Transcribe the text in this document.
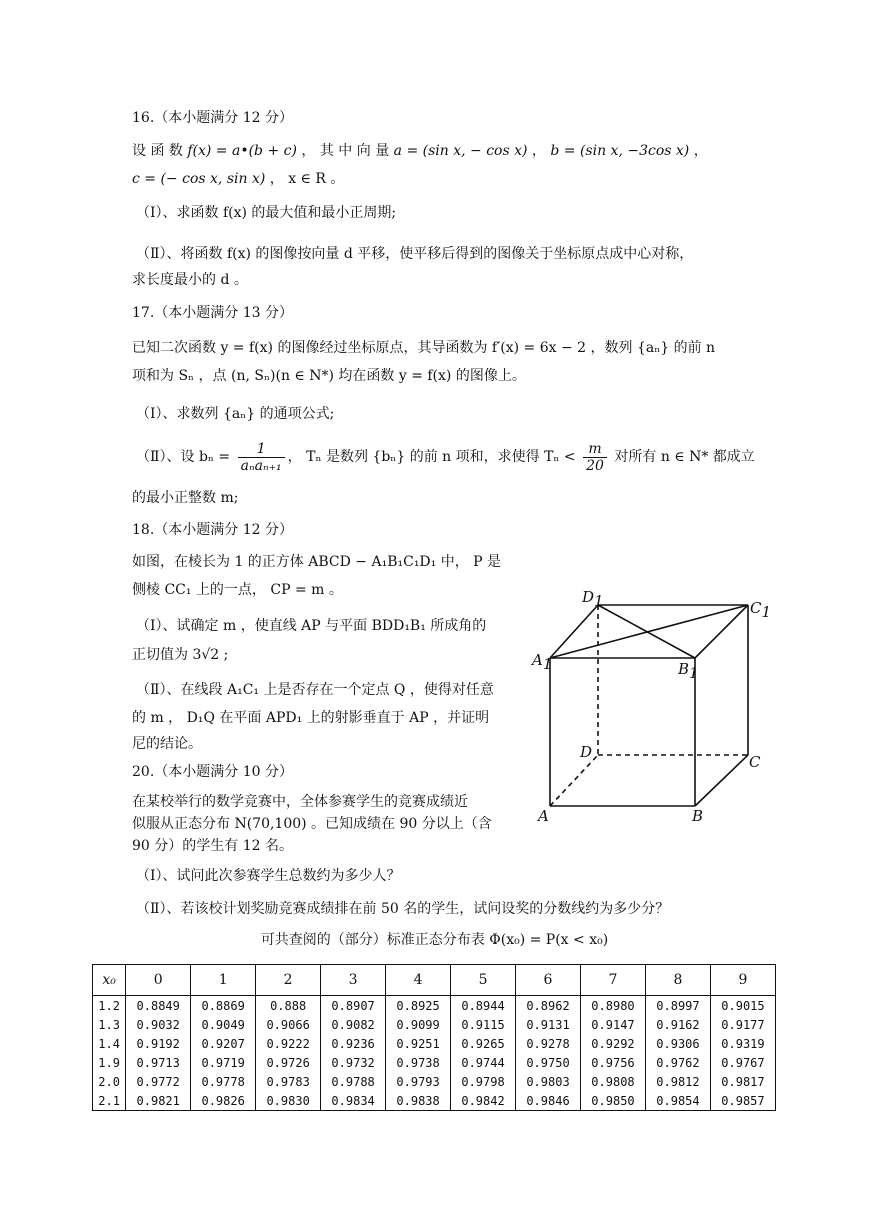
16.（本小题满分 12 分）
设 函 数 f(x) = a•(b + c) ， 其 中 向 量 a = (sin x, − cos x) ， b = (sin x, −3cos x) ，
c = (− cos x, sin x) ， x ∈ R 。
（Ⅰ）、求函数 f(x) 的最大值和最小正周期;
（Ⅱ）、将函数 f(x) 的图像按向量 d 平移，使平移后得到的图像关于坐标原点成中心对称，
求长度最小的 d 。
17.（本小题满分 13 分）
已知二次函数 y = f(x) 的图像经过坐标原点，其导函数为 f′(x) = 6x − 2 ，数列 {aₙ} 的前 n
项和为 Sₙ ，点 (n, Sₙ)(n ∈ N*) 均在函数 y = f(x) 的图像上。
（Ⅰ）、求数列 {aₙ} 的通项公式;
（Ⅱ）、设 $b_n = \frac{1}{\text{aₙaₙ₊₁}}$ ， Tₙ 是数列 {bₙ} 的前 n 项和，求使得 $T_n < \frac{m}{20}$ 对所有 n ∈ N* 都成立
的最小正整数 m;
18.（本小题满分 12 分）
如图，在棱长为 1 的正方体 ABCD − A₁B₁C₁D₁ 中， P 是
侧棱 CC₁ 上的一点， CP = m 。
（Ⅰ）、试确定 m ，使直线 AP 与平面 BDD₁B₁ 所成角的
正切值为 3√2 ;
（Ⅱ）、在线段 A₁C₁ 上是否存在一个定点 Q ，使得对任意
的 m ， D₁Q 在平面 APD₁ 上的射影垂直于 AP ，并证明
尼的结论。
D1	C1
A1	B1
D
C
A	B
20.（本小题满分 10 分）
在某校举行的数学竞赛中，全体参赛学生的竞赛成绩近
似服从正态分布 N(70,100) 。已知成绩在 90 分以上（含
90 分）的学生有 12 名。
（Ⅰ）、试问此次参赛学生总数约为多少人？
（Ⅱ）、若该校计划奖励竞赛成绩排在前 50 名的学生，试问设奖的分数线约为多少分？
可共查阅的（部分）标准正态分布表 Φ(x₀) = P(x < x₀)
x₀	0	1	2	3	4	5	6	7	8	9
1.2	0.8849	0.8869	0.888	0.8907	0.8925	0.8944	0.8962	0.8980	0.8997	0.9015
1.3	0.9032	0.9049	0.9066	0.9082	0.9099	0.9115	0.9131	0.9147	0.9162	0.9177
1.4	0.9192	0.9207	0.9222	0.9236	0.9251	0.9265	0.9278	0.9292	0.9306	0.9319
1.9	0.9713	0.9719	0.9726	0.9732	0.9738	0.9744	0.9750	0.9756	0.9762	0.9767
2.0	0.9772	0.9778	0.9783	0.9788	0.9793	0.9798	0.9803	0.9808	0.9812	0.9817
2.1	0.9821	0.9826	0.9830	0.9834	0.9838	0.9842	0.9846	0.9850	0.9854	0.9857
